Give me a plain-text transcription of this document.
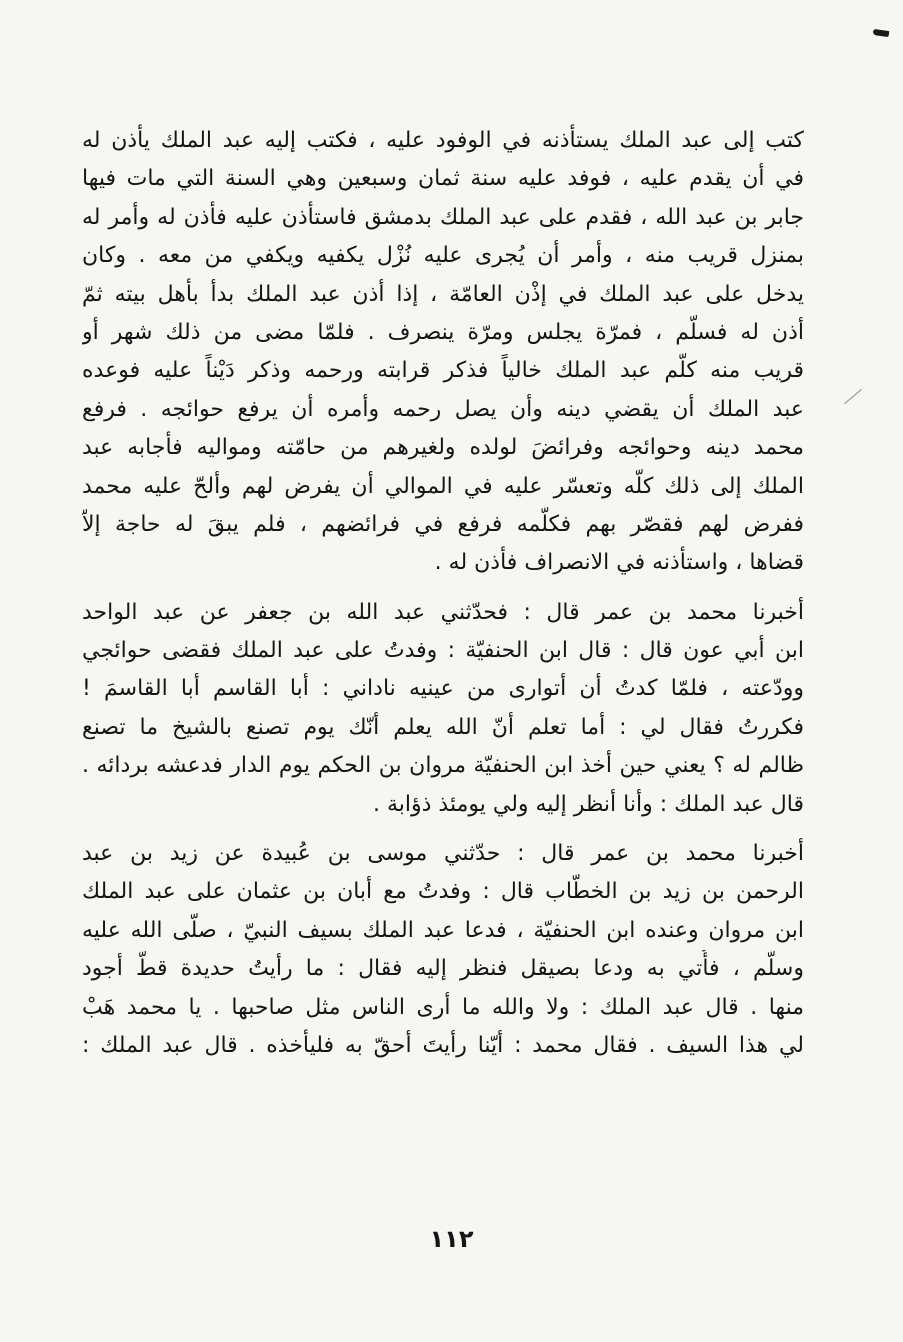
كتب إلى عبد الملك يستأذنه في الوفود عليه ، فكتب إليه عبد الملك يأذن له
في أن يقدم عليه ، فوفد عليه سنة ثمان وسبعين وهي السنة التي مات فيها
جابر بن عبد الله ، فقدم على عبد الملك بدمشق فاستأذن عليه فأذن له وأمر له
بمنزل قريب منه ، وأمر أن يُجرى عليه نُزْل يكفيه ويكفي من معه . وكان
يدخل على عبد الملك في إذْن العامّة ، إذا أذن عبد الملك بدأ بأهل بيته ثمّ
أذن له فسلّم ، فمرّة يجلس ومرّة ينصرف . فلمّا مضى من ذلك شهر أو
قريب منه كلّم عبد الملك خالياً فذكر قرابته ورحمه وذكر دَيْناً عليه فوعده
عبد الملك أن يقضي دينه وأن يصل رحمه وأمره أن يرفع حوائجه . فرفع
محمد دينه وحوائجه وفرائضَ لولده ولغيرهم من حامّته ومواليه فأجابه عبد
الملك إلى ذلك كلّه وتعسّر عليه في الموالي أن يفرض لهم وألحّ عليه محمد
ففرض لهم فقصّر بهم فكلّمه فرفع في فرائضهم ، فلم يبقَ له حاجة إلاّ
قضاها ، واستأذنه في الانصراف فأذن له .

أخبرنا محمد بن عمر قال : فحدّثني عبد الله بن جعفر عن عبد الواحد
ابن أبي عون قال : قال ابن الحنفيّة : وفدتُ على عبد الملك فقضى حوائجي
وودّعته ، فلمّا كدتُ أن أتوارى من عينيه ناداني : أبا القاسم أبا القاسمَ !
فكررتُ فقال لي : أما تعلم أنّ الله يعلم أنّك يوم تصنع بالشيخ ما تصنع
ظالم له ؟ يعني حين أخذ ابن الحنفيّة مروان بن الحكم يوم الدار فدعشه بردائه .
قال عبد الملك : وأنا أنظر إليه ولي يومئذ ذؤابة .

أخبرنا محمد بن عمر قال : حدّثني موسى بن عُبيدة عن زيد بن عبد
الرحمن بن زيد بن الخطّاب قال : وفدتُ مع أبان بن عثمان على عبد الملك
ابن مروان وعنده ابن الحنفيّة ، فدعا عبد الملك بسيف النبيّ ، صلّى الله عليه
وسلّم ، فأُتي به ودعا بصيقل فنظر إليه فقال : ما رأيتُ حديدة قطّ أجود
منها . قال عبد الملك : ولا والله ما أرى الناس مثل صاحبها . يا محمد هَبْ
لي هذا السيف . فقال محمد : أيّنا رأيتَ أحقّ به فليأخذه . قال عبد الملك :

١١٢
